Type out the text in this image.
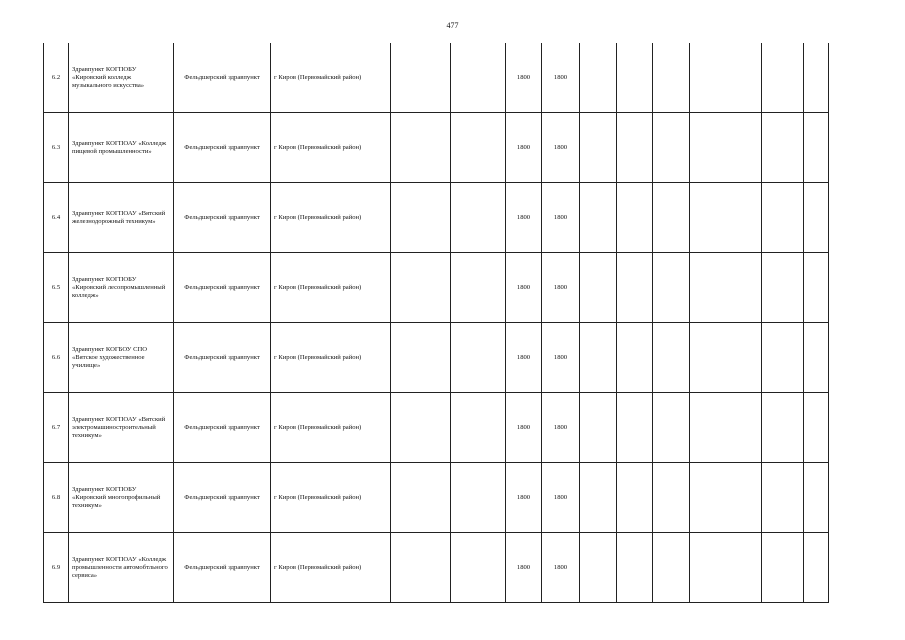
477
6.2	Здравпункт КОГПОБУ «Кировский колледж музыкального искусства»	Фельдшерский здравпункт	г Киров (Первомайский район)			1800	1800						
6.3	Здравпункт КОГПОАУ «Колледж пищевой промышленности»	Фельдшерский здравпункт	г Киров (Первомайский район)			1800	1800						
6.4	Здравпункт КОГПОАУ «Вятский железнодорожный техникум»	Фельдшерский здравпункт	г Киров (Первомайский район)			1800	1800						
6.5	Здравпункт КОГПОБУ «Кировский лесопромышленный колледж»	Фельдшерский здравпункт	г Киров (Первомайский район)			1800	1800						
6.6	Здравпункт КОГБОУ СПО «Вятское художественное училище»	Фельдшерский здравпункт	г Киров (Первомайский район)			1800	1800						
6.7	Здравпункт КОГПОАУ «Вятский электромашиностроительный техникум»	Фельдшерский здравпункт	г Киров (Первомайский район)			1800	1800						
6.8	Здравпункт КОГПОБУ «Кировский многопрофильный техникум»	Фельдшерский здравпункт	г Киров (Первомайский район)			1800	1800						
6.9	Здравпункт КОГПОАУ «Колледж промышленности автомобтльного сервиса»	Фельдшерский здравпункт	г Киров (Первомайский район)			1800	1800						
